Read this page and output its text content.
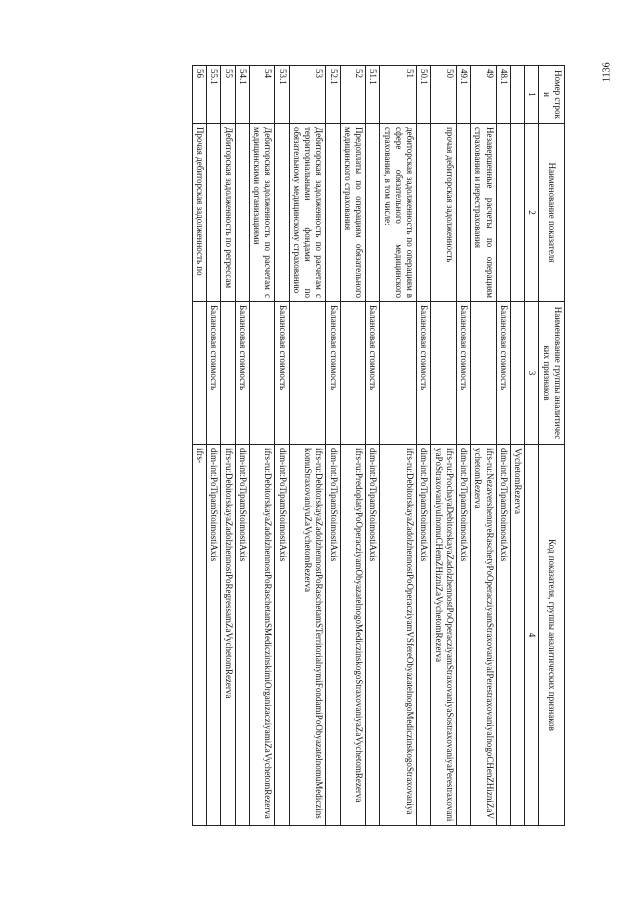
1136
Номер строки	Наименование показателя	Наименование группы аналитических признаков	Код показателя, группы аналитических признаков
1	2	3	4
			VychetomRezerva
48.1		Балансовая стоимость	dim-int:PoTipamStoimostiAxis
49	Незавершенные расчеты по операциям страхования и перестрахования		ifrs-ru:NezavershennyeRaschetyPoOperacziyamStraxovaniyaIPerestraxovaniyaInogoCHenZHizniZaVychetomRezerva
49.1		Балансовая стоимость	dim-int:PoTipamStoimostiAxis
50	прочая дебиторская задолженность		ifrs-ru:ProchayaDebitorskayaZadolzhennostPoOperacziyamStraxovaniyaSostraxovaniyaPerestraxovaniyaPoStraxovaniyuInomuCHemZHizniZaVychetomRezerva
50.1		Балансовая стоимость	dim-int:PoTipamStoimostiAxis
51	дебиторская задолженность по операциям в сфере обязательного медицинского страхования, в том числе:		ifrs-ru:DebitorskayaZadolzhennostPoOperacziyamVSfereObyazatelnogoMediczinskogoStraxovaniya
51.1		Балансовая стоимость	dim-int:PoTipamStoimostiAxis
52	Предоплаты по операциям обязательного медицинского страхования		ifrs-ru:PredoplatyPoOperacziyamObyazatelnogoMediczinskogoStraxovaniyaZaVychetomRezerva
52.1		Балансовая стоимость	dim-int:PoTipamStoimostiAxis
53	Дебиторская задолженность по расчетам с территориальными фондами по обязательному медицинскому страхованию		ifrs-ru:DebitorskayaZadolzhennostPoRaschetamSTerritorialnymiFondamiPoObyazatelnomuMediczinskomuStraxovaniyuZaVychetomRezerva
53.1		Балансовая стоимость	dim-int:PoTipamStoimostiAxis
54	Дебиторская задолженность по расчетам с медицинскими организациями		ifrs-ru:DebitorskayaZadolzhennostPoRaschetamSMediczinskimiOrganizacziyamiZaVychetomRezerva
54.1		Балансовая стоимость	dim-int:PoTipamStoimostiAxis
55	Дебиторская задолженность по регрессам		ifrs-ru:DebitorskayaZadolzhennostPoRegressamZaVychetomRezerva
55.1		Балансовая стоимость	dim-int:PoTipamStoimostiAxis
56	Прочая дебиторская задолженность по		ifrs-
